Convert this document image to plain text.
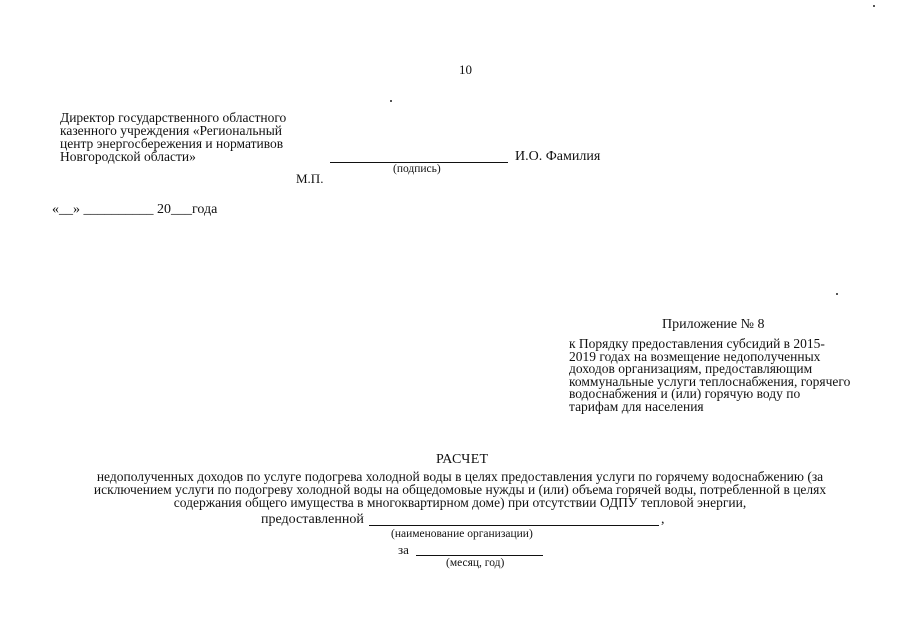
10
Директор государственного областного
казенного учреждения «Региональный
центр энергосбережения и нормативов
Новгородской области»	И.О. Фамилия
(подпись)
М.П.
«__» __________ 20___года
Приложение № 8
к Порядку предоставления субсидий в 2015-
2019 годах на возмещение недополученных
доходов организациям, предоставляющим
коммунальные услуги теплоснабжения, горячего
водоснабжения и (или) горячую воду по
тарифам для населения
РАСЧЕТ
недополученных доходов по услуге подогрева холодной воды в целях предоставления услуги по горячему водоснабжению (за
исключением услуги по подогреву холодной воды на общедомовые нужды и (или) объема горячей воды, потребленной в целях
содержания общего имущества в многоквартирном доме) при отсутствии ОДПУ тепловой энергии,
предоставленной	,
(наименование организации)
за
(месяц, год)
